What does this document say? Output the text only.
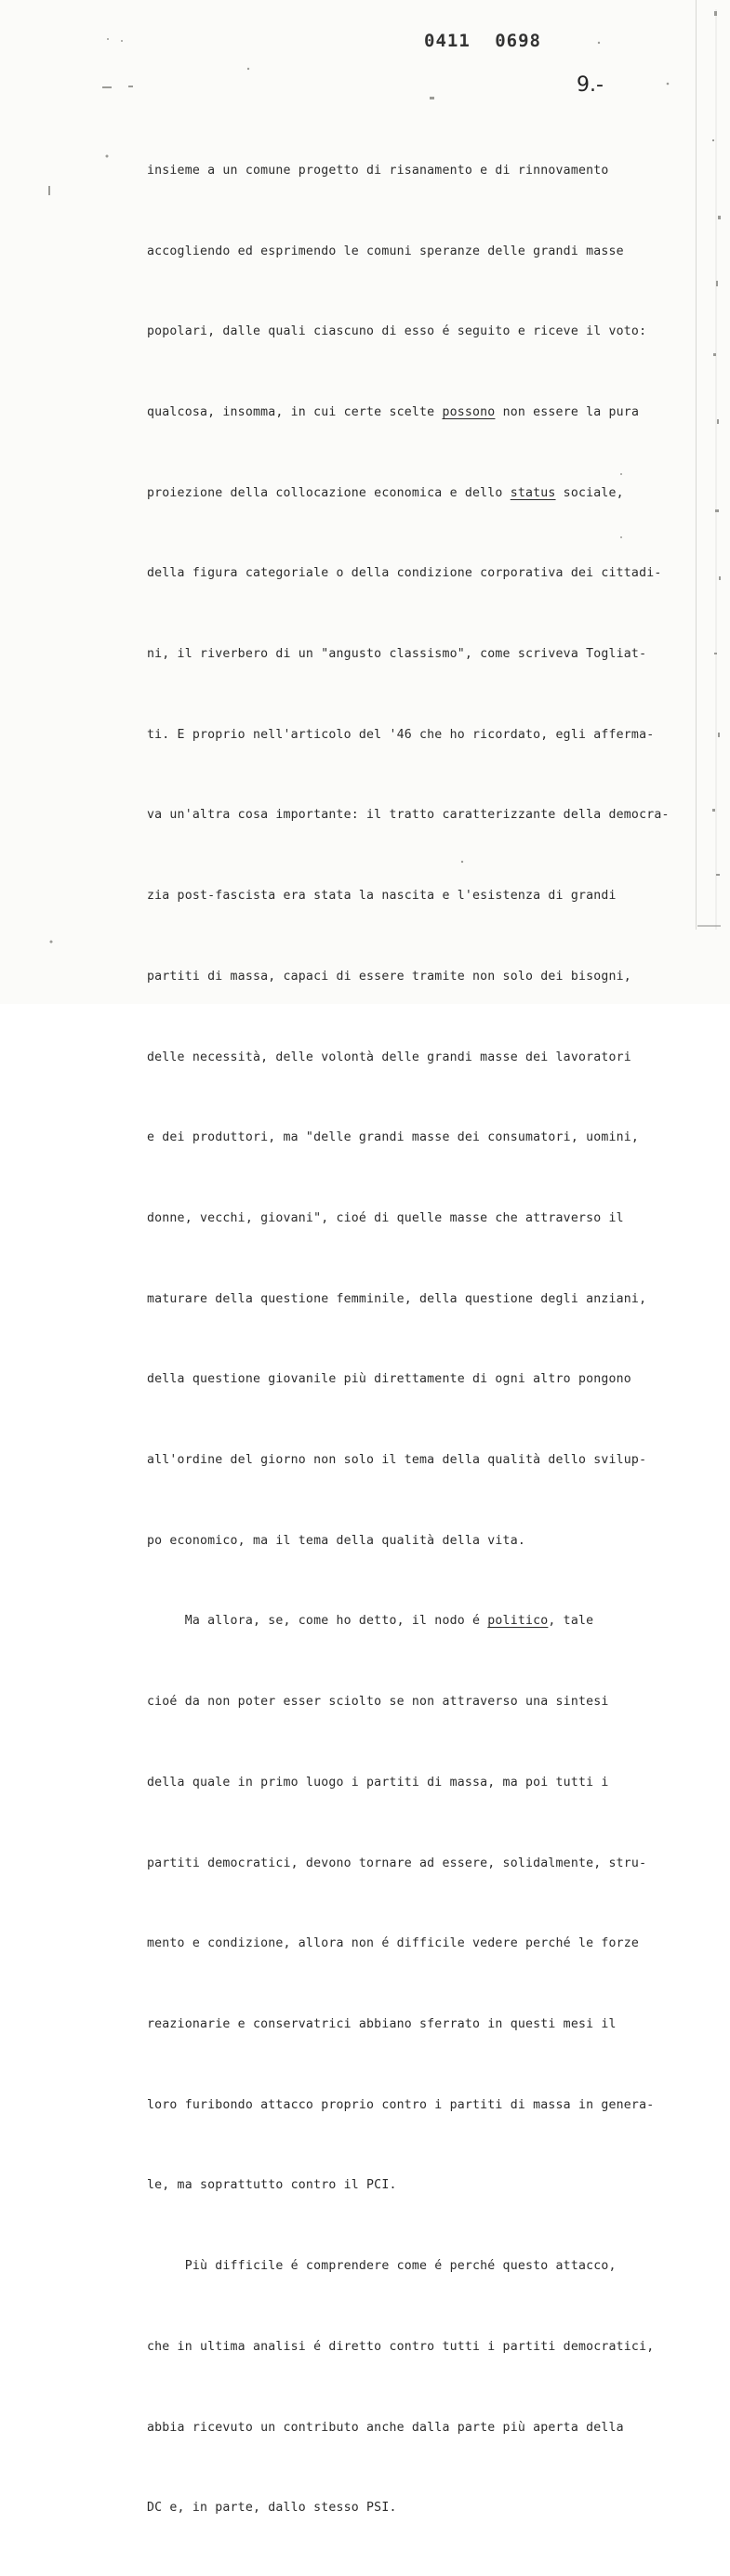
0411 0698
9.-

insieme a un comune progetto di risanamento e di rinnovamento

accogliendo ed esprimendo le comuni speranze delle grandi masse

popolari, dalle quali ciascuno di esso é seguito e riceve il voto:

qualcosa, insomma, in cui certe scelte possono non essere la pura

proiezione della collocazione economica e dello status sociale,

della figura categoriale o della condizione corporativa dei cittadi-

ni, il riverbero di un "angusto classismo", come scriveva Togliat-

ti. E proprio nell'articolo del '46 che ho ricordato, egli afferma-

va un'altra cosa importante: il tratto caratterizzante della democra-

zia post-fascista era stata la nascita e l'esistenza di grandi

partiti di massa, capaci di essere tramite non solo dei bisogni,

delle necessità, delle volontà delle grandi masse dei lavoratori

e dei produttori, ma "delle grandi masse dei consumatori, uomini,

donne, vecchi, giovani", cioé di quelle masse che attraverso il

maturare della questione femminile, della questione degli anziani,

della questione giovanile più direttamente di ogni altro pongono

all'ordine del giorno non solo il tema della qualità dello svilup-

po economico, ma il tema della qualità della vita.

Ma allora, se, come ho detto, il nodo é politico, tale

cioé da non poter esser sciolto se non attraverso una sintesi

della quale in primo luogo i partiti di massa, ma poi tutti i

partiti democratici, devono tornare ad essere, solidalmente, stru-

mento e condizione, allora non é difficile vedere perché le forze

reazionarie e conservatrici abbiano sferrato in questi mesi il

loro furibondo attacco proprio contro i partiti di massa in genera-

le, ma soprattutto contro il PCI.

Più difficile é comprendere come é perché questo attacco,

che in ultima analisi é diretto contro tutti i partiti democratici,

abbia ricevuto un contributo anche dalla parte più aperta della

DC e, in parte, dallo stesso PSI.
